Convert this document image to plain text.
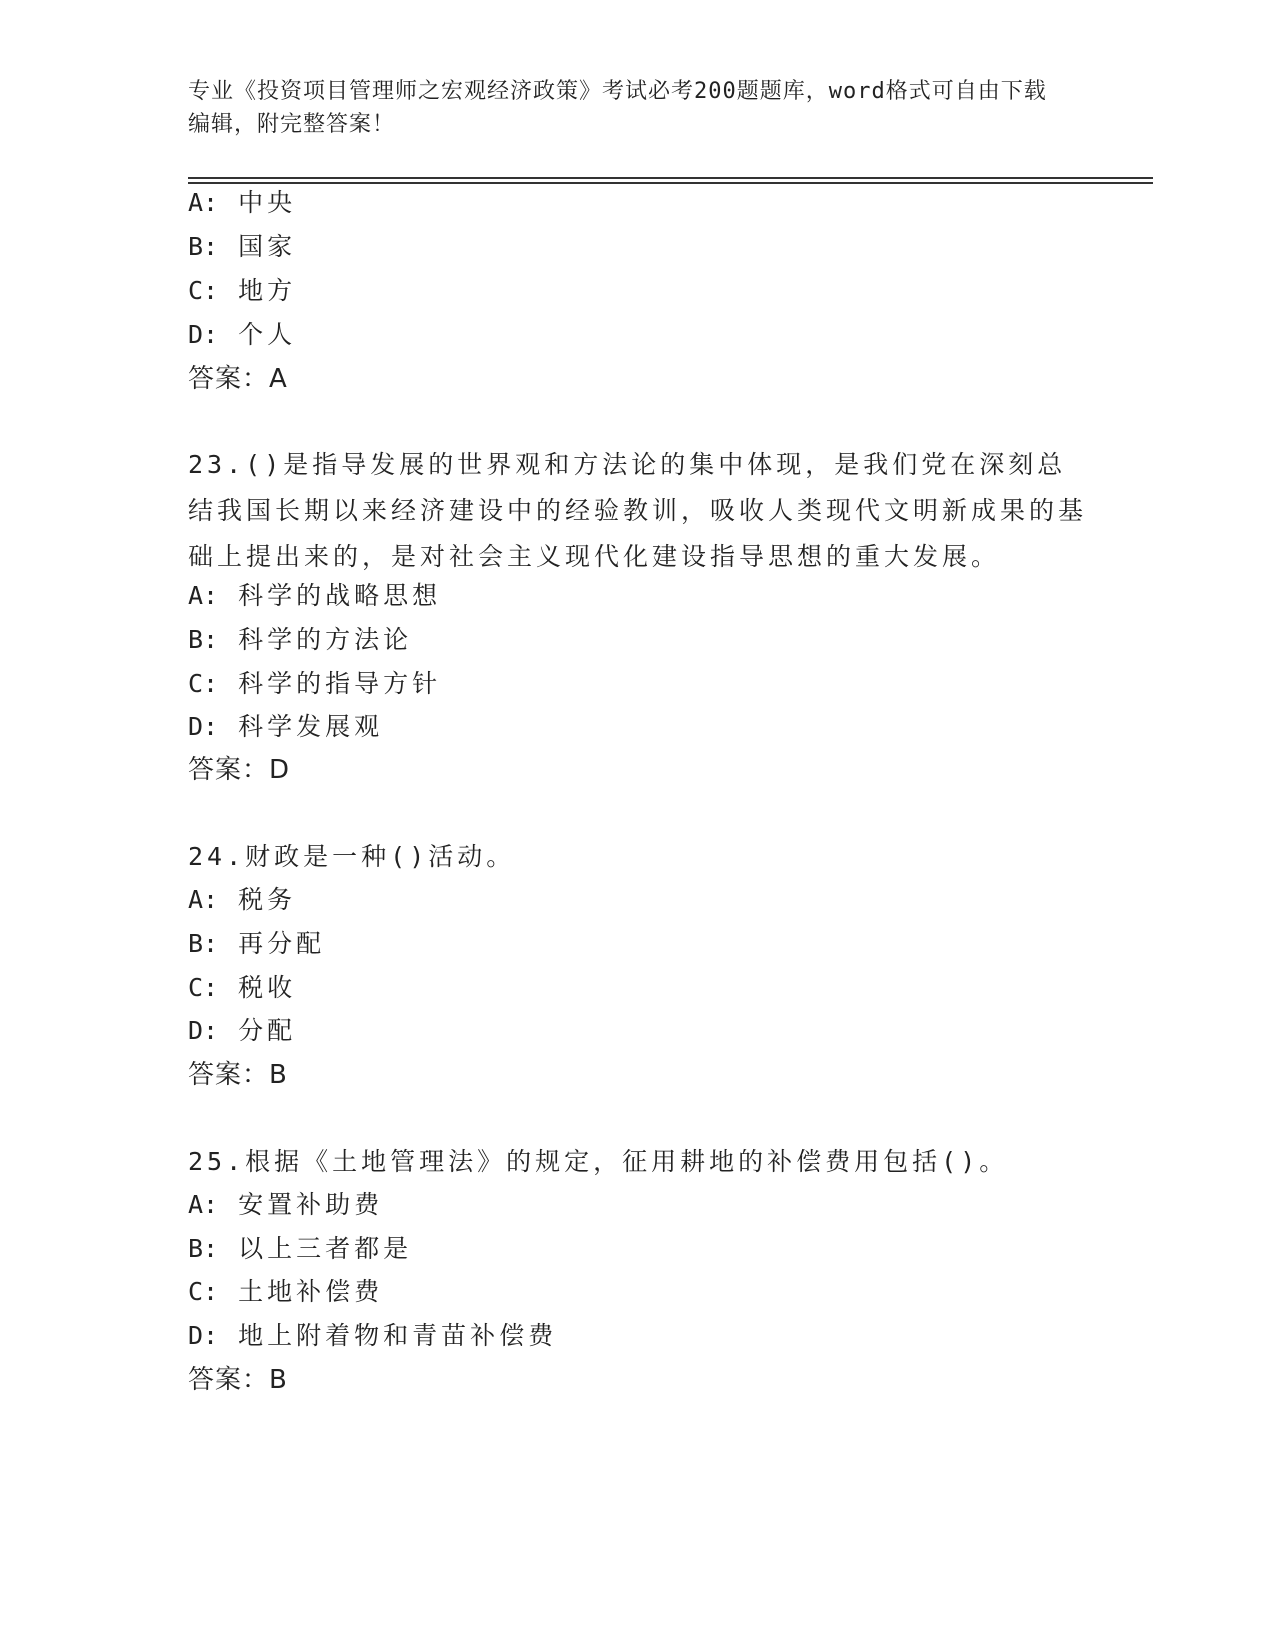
专业《投资项目管理师之宏观经济政策》考试必考200题题库，word格式可自由下载编辑，附完整答案！
A: 中央
B: 国家
C: 地方
D: 个人
答案：A
23.()是指导发展的世界观和方法论的集中体现，是我们党在深刻总结我国长期以来经济建设中的经验教训，吸收人类现代文明新成果的基础上提出来的，是对社会主义现代化建设指导思想的重大发展。
A: 科学的战略思想
B: 科学的方法论
C: 科学的指导方针
D: 科学发展观
答案：D
24.财政是一种()活动。
A: 税务
B: 再分配
C: 税收
D: 分配
答案：B
25.根据《土地管理法》的规定，征用耕地的补偿费用包括()。
A: 安置补助费
B: 以上三者都是
C: 土地补偿费
D: 地上附着物和青苗补偿费
答案：B
